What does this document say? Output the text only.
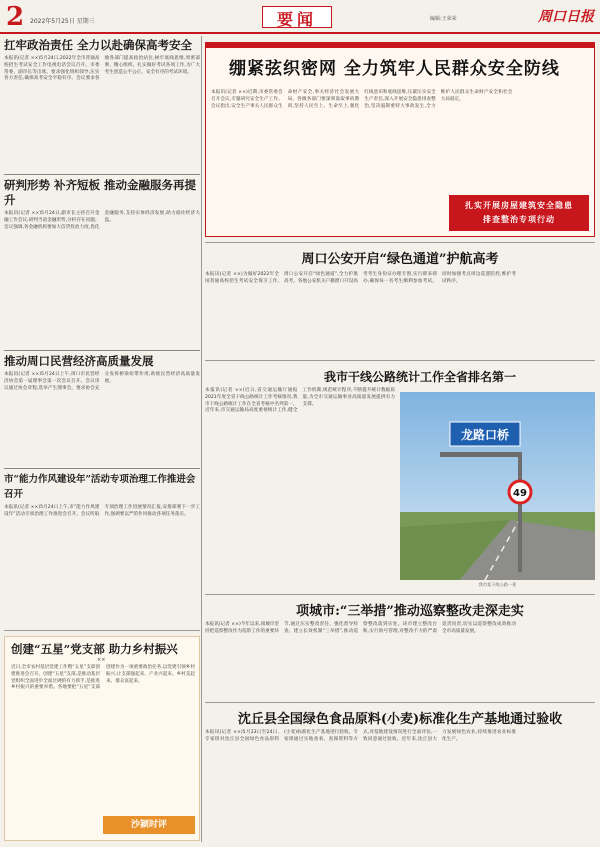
2 2022年5月25日 星期三	要闻	编辑:王荣荣	周口日报
扛牢政治责任 全力以赴确保高考安全
本报讯(记者 ××)5月24日,2022年全市普通高校招生考试安全工作电视电话会议召开。市委常委、副市长等出席。要求强化组织领导,压实各方责任,确保高考安全平稳有序。会议要求各地各部门提高政治站位,树牢底线思维,周密部署、精心组织、扎实做好考试各项工作,为广大考生创造公平公正、安全有序的考试环境。
研判形势 补齐短板 推动金融服务再提升
本报讯(记者 ××)5月24日,副市长主持召开金融工作会议,研判当前金融形势,分析存在问题。会议强调,各金融机构要加大信贷投放力度,优化金融服务,支持实体经济发展,助力稳住经济大盘。
推动周口民营经济高质量发展
本报讯(记者 ××)5月24日上午,周口市民营经济协会第一届理事会第一次会议召开。会议审议通过协会章程,选举产生理事会。要求协会充分发挥桥梁纽带作用,助推民营经济高质量发展。
市“能力作风建设年”活动专项治理工作推进会召开
本报讯(记者 ××)5月24日上午,市“能力作风建设年”活动专项治理工作推进会召开。会议听取专项治理工作进展情况汇报,安排部署下一步工作,强调要以严的作风推动各项任务落实。
绷紧弦织密网 全力筑牢人民群众安全防线
本报讯(记者 ××)近期,市委常委会召开会议,专题研究安全生产工作。会议指出,安全生产事关人民群众生命财产安全,事关经济社会发展大局。各级各部门要深刻汲取事故教训,坚持人民至上、生命至上,强化红线意识和底线思维,压紧压实安全生产责任,深入开展安全隐患排查整治,坚决遏制重特大事故发生,全力维护人民群众生命财产安全和社会大局稳定。
扎实开展房屋建筑安全隐患
排查整治专项行动
周口公安开启“绿色通道”护航高考
本报讯(记者 ××)为做好2022年全国普通高校招生考试安全保卫工作,周口公安开启“绿色通道”,全力护航高考。各地公安机关户籍窗口开设高考考生身份证办理专窗,实行即来即办,确保每一名考生顺利参加考试。同时加强考点周边巡逻防控,维护考试秩序。
我市干线公路统计工作全省排名第一
本报讯(记者 ××)近日,省交通运输厅通报2021年度全省干线公路统计工作考核情况,我市干线公路统计工作在全省考核中名列第一。近年来,市交通运输局高度重视统计工作,健全工作机制,规范统计程序,不断提升统计数据质量,为全市交通运输事业高质量发展提供有力支撑。
龙路口桥
49
我市某干线公路一景
项城市:“三举措”推动巡察整改走深走实
本报讯(记者 ××)今年以来,项城市坚持把巡察整改作为巡察工作的重要环节,通过压实整改责任、强化督导检查、建立长效机制“三举措”,推动巡察整改落到实处。该市建立整改台账,实行销号管理,对整改不力的严肃追责问责,切实以巡察整改成效推动全市高质量发展。
沈丘县全国绿色食品原料(小麦)标准化生产基地通过验收
本报讯(记者 ××)5月23日至24日,专家组对沈丘县全国绿色食品原料(小麦)标准化生产基地进行验收。专家组通过实地查看、查阅资料等方式,对基地建设情况进行全面评估,一致同意通过验收。近年来,沈丘县大力发展绿色农业,持续推进农业标准化生产。
创建“五星”党支部 助力乡村振兴
××
近日,全市农村基层党建工作暨“五星”支部创建推进会召开。创建“五星”支部,是推动基层党组织全面进步全面过硬的有力抓手,是推进乡村振兴的重要举措。各地要把“五星”支部创建作为一项重要政治任务,以党建引领乡村振兴,让支部强起来、产业兴起来、乡村美起来、群众富起来。
沙颍时评
